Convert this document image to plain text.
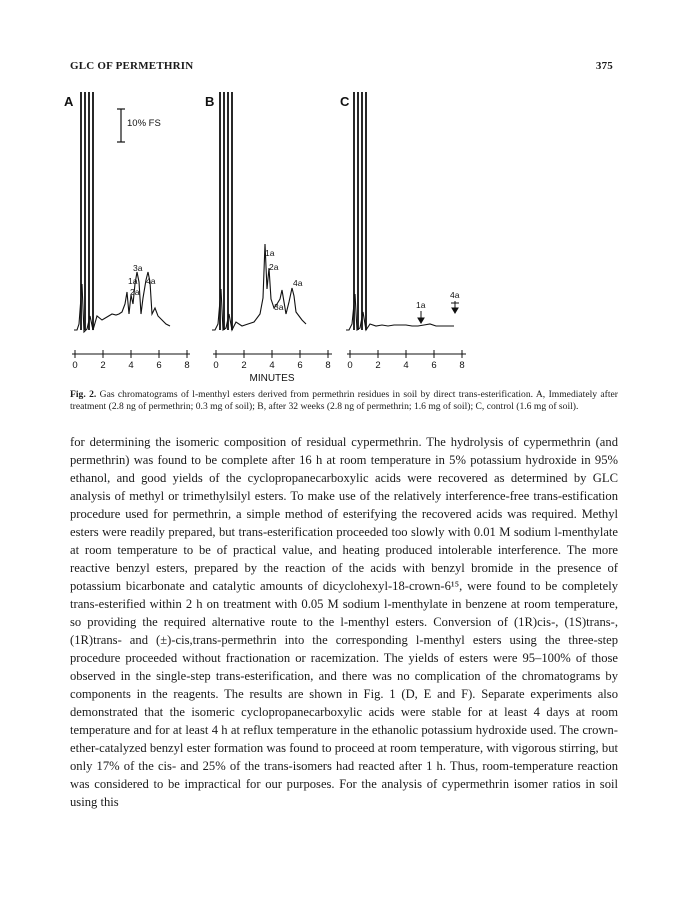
GLC OF PERMETHRIN	375
A
10% FS
1a
2a
3a
4a
B
1a
2a
3a
4a
C
1a
4a
0 2 4 6 8 0 2 4 6 8 0 2 4 6 8
MINUTES
Fig. 2. Gas chromatograms of l-menthyl esters derived from permethrin residues in soil by direct trans-esterification. A, Immediately after treatment (2.8 ng of permethrin; 0.3 mg of soil); B, after 32 weeks (2.8 ng of permethrin; 1.6 mg of soil); C, control (1.6 mg of soil).

for determining the isomeric composition of residual cypermethrin. The hydrolysis of cypermethrin (and permethrin) was found to be complete after 16 h at room temperature in 5% potassium hydroxide in 95% ethanol, and good yields of the cyclopropanecarboxylic acids were recovered as determined by GLC analysis of methyl or trimethylsilyl esters. To make use of the relatively interference-free trans-estification procedure used for permethrin, a simple method of esterifying the recovered acids was required. Methyl esters were readily prepared, but trans-esterification proceeded too slowly with 0.01 M sodium l-menthylate at room temperature to be of practical value, and heating produced intolerable interference. The more reactive benzyl esters, prepared by the reaction of the acids with benzyl bromide in the presence of potassium bicarbonate and catalytic amounts of dicyclohexyl-18-crown-6¹⁵, were found to be completely trans-esterified within 2 h on treatment with 0.05 M sodium l-menthylate in benzene at room temperature, so providing the required alternative route to the l-menthyl esters. Conversion of (1R)cis-, (1S)trans-, (1R)trans- and (±)-cis,trans-permethrin into the corresponding l-menthyl esters using the three-step procedure proceeded without fractionation or racemization. The yields of esters were 95–100% of those observed in the single-step trans-esterification, and there was no complication of the chromatograms by components in the reagents. The results are shown in Fig. 1 (D, E and F). Separate experiments also demonstrated that the isomeric cyclopropanecarboxylic acids were stable for at least 4 days at room temperature and for at least 4 h at reflux temperature in the ethanolic potassium hydroxide used. The crown-ether-catalyzed benzyl ester formation was found to proceed at room temperature, with vigorous stirring, but only 17% of the cis- and 25% of the trans-isomers had reacted after 1 h. Thus, room-temperature reaction was considered to be impractical for our purposes. For the analysis of cypermethrin isomer ratios in soil using this
